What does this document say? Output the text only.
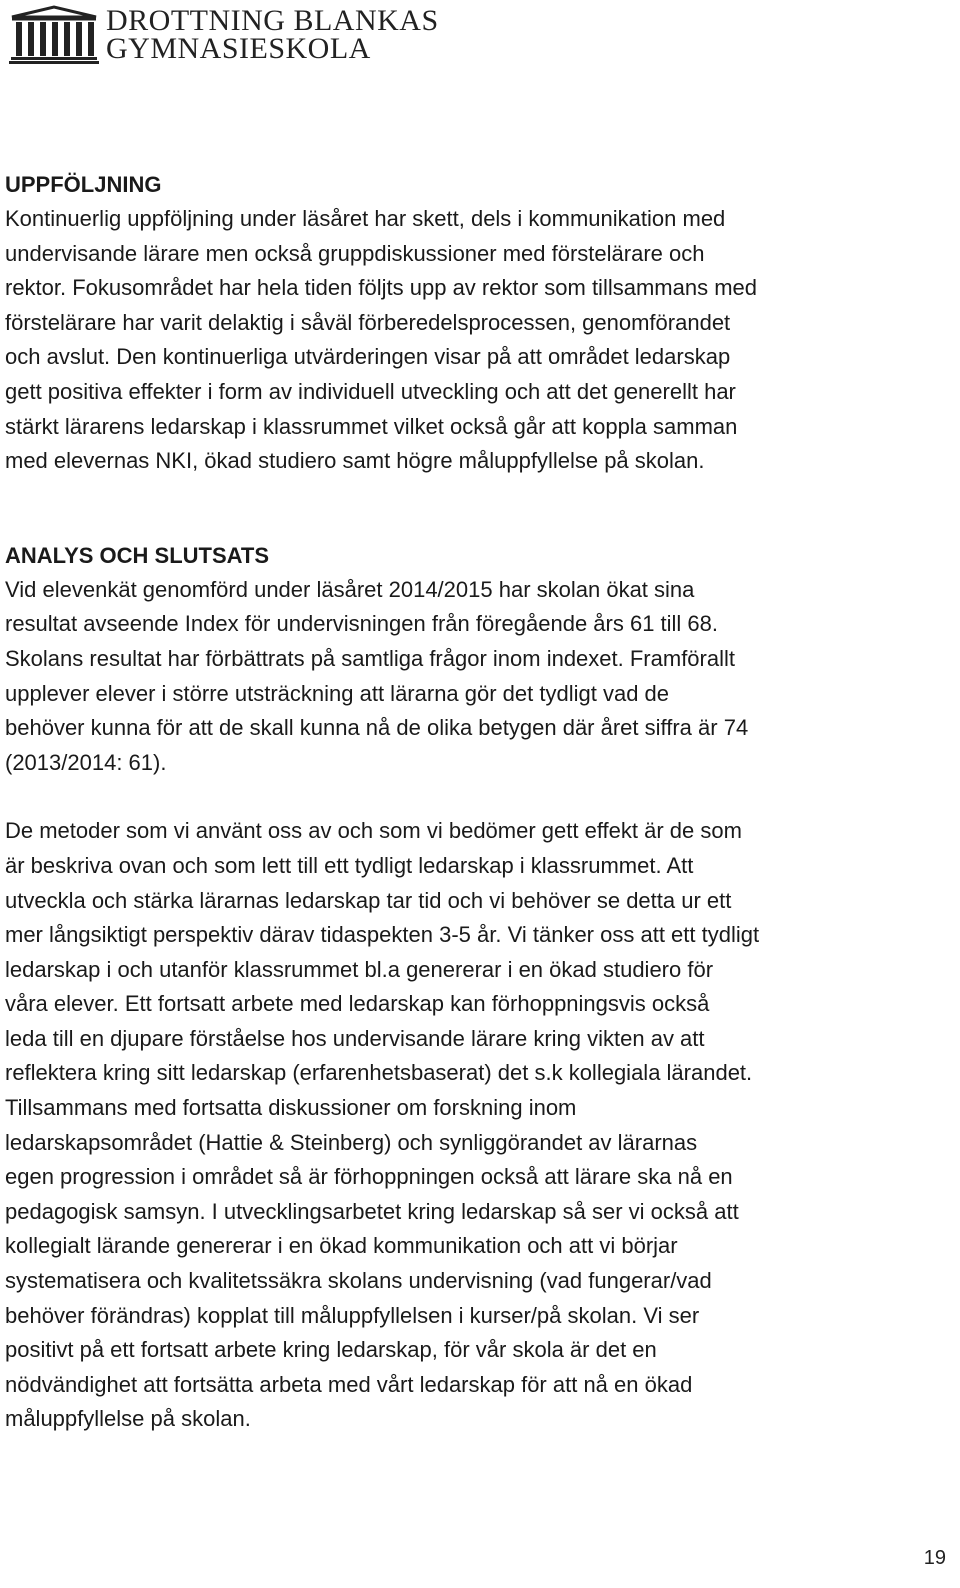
DROTTNING BLANKAS
GYMNASIESKOLA
UPPFÖLJNING

Kontinuerlig uppföljning under läsåret har skett, dels i kommunikation med
undervisande lärare men också gruppdiskussioner med förstelärare och
rektor. Fokusområdet har hela tiden följts upp av rektor som tillsammans med
förstelärare har varit delaktig i såväl förberedelsprocessen, genomförandet
och avslut. Den kontinuerliga utvärderingen visar på att området ledarskap
gett positiva effekter i form av individuell utveckling och att det generellt har
stärkt lärarens ledarskap i klassrummet vilket också går att koppla samman
med elevernas NKI, ökad studiero samt högre måluppfyllelse på skolan.

ANALYS OCH SLUTSATS

Vid elevenkät genomförd under läsåret 2014/2015 har skolan ökat sina
resultat avseende Index för undervisningen från föregående års 61 till 68.
Skolans resultat har förbättrats på samtliga frågor inom indexet. Framförallt
upplever elever i större utsträckning att lärarna gör det tydligt vad de
behöver kunna för att de skall kunna nå de olika betygen där året siffra är 74
(2013/2014: 61).

De metoder som vi använt oss av och som vi bedömer gett effekt är de som
är beskriva ovan och som lett till ett tydligt ledarskap i klassrummet. Att
utveckla och stärka lärarnas ledarskap tar tid och vi behöver se detta ur ett
mer långsiktigt perspektiv därav tidaspekten 3-5 år. Vi tänker oss att ett tydligt
ledarskap i och utanför klassrummet bl.a genererar i en ökad studiero för
våra elever. Ett fortsatt arbete med ledarskap kan förhoppningsvis också
leda till en djupare förståelse hos undervisande lärare kring vikten av att
reflektera kring sitt ledarskap (erfarenhetsbaserat) det s.k kollegiala lärandet.
Tillsammans med fortsatta diskussioner om forskning inom
ledarskapsområdet (Hattie & Steinberg) och synliggörandet av lärarnas
egen progression i området så är förhoppningen också att lärare ska nå en
pedagogisk samsyn. I utvecklingsarbetet kring ledarskap så ser vi också att
kollegialt lärande genererar i en ökad kommunikation och att vi börjar
systematisera och kvalitetssäkra skolans undervisning (vad fungerar/vad
behöver förändras) kopplat till måluppfyllelsen i kurser/på skolan. Vi ser
positivt på ett fortsatt arbete kring ledarskap, för vår skola är det en
nödvändighet att fortsätta arbeta med vårt ledarskap för att nå en ökad
måluppfyllelse på skolan.

19
